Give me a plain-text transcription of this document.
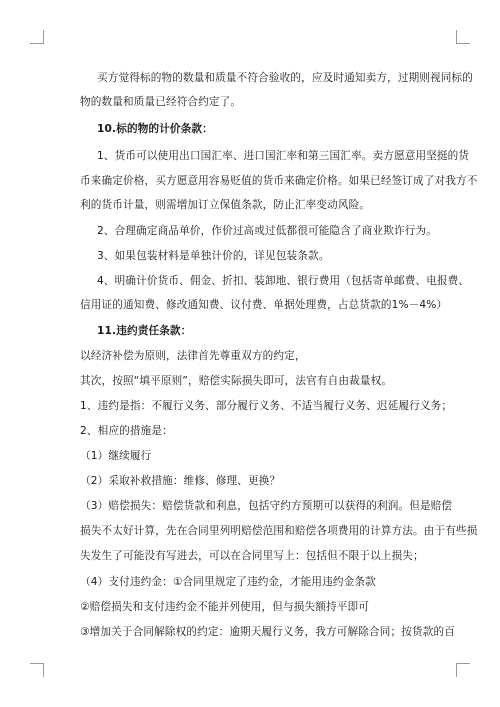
买方觉得标的物的数量和质量不符合验收的，应及时通知卖方，过期则视同标的
物的数量和质量已经符合约定了。
10.标的物的计价条款：
1、货币可以使用出口国汇率、进口国汇率和第三国汇率。卖方愿意用坚挺的货
币来确定价格，买方愿意用容易贬值的货币来确定价格。如果已经签订成了对我方不
利的货币计量，则需增加订立保值条款，防止汇率变动风险。
2、合理确定商品单价，作价过高或过低都很可能隐含了商业欺诈行为。
3、如果包装材料是单独计价的，详见包装条款。
4、明确计价货币、佣金、折扣、装卸地、银行费用（包括寄单邮费、电报费、
信用证的通知费、修改通知费、议付费、单据处理费，占总货款的1%－4%）
11.违约责任条款：
以经济补偿为原则，法律首先尊重双方的约定，
其次，按照“填平原则”，赔偿实际损失即可，法官有自由裁量权。
1、违约是指：不履行义务、部分履行义务、不适当履行义务、迟延履行义务；
2、相应的措施是：
（1）继续履行
（2）采取补救措施：维修、修理、更换？
（3）赔偿损失：赔偿货款和利息，包括守约方预期可以获得的利润。但是赔偿
损失不太好计算，先在合同里列明赔偿范围和赔偿各项费用的计算方法。由于有些损
失发生了可能没有写进去，可以在合同里写上：包括但不限于以上损失；
（4）支付违约金：①合同里规定了违约金，才能用违约金条款
②赔偿损失和支付违约金不能并列使用，但与损失额持平即可
③增加关于合同解除权的约定：逾期天履行义务，我方可解除合同；按货款的百
